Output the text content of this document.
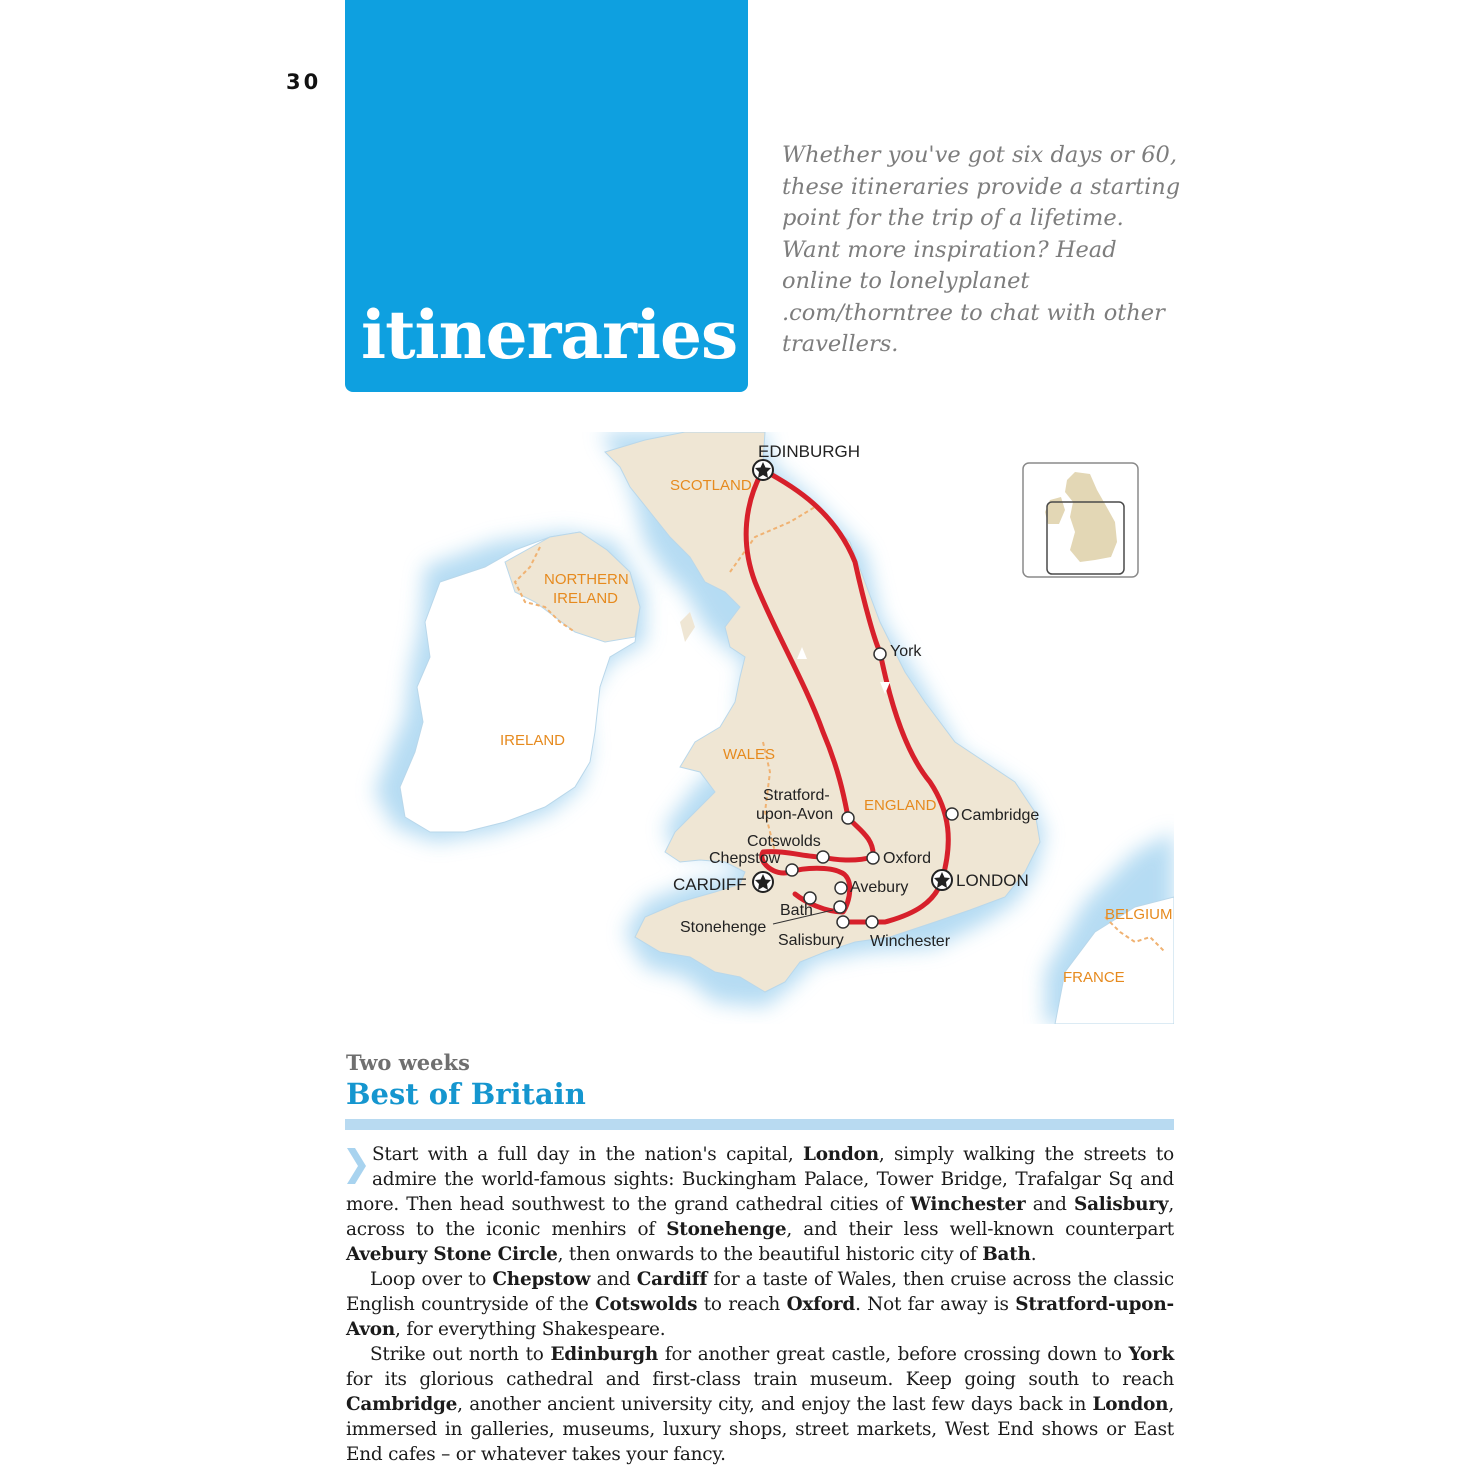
30
itineraries

Whether you've got six days or 60, these itineraries provide a starting point for the trip of a lifetime. Want more inspiration? Head online to lonelyplanet .com/thorntree to chat with other travellers.

SCOTLAND
NORTHERN
IRELAND
IRELAND
WALES
ENGLAND
BELGIUM
FRANCE
EDINBURGH
York
Stratford-
upon-Avon	Cambridge
Cotswolds
Chepstow	Oxford
CARDIFF	Avebury	LONDON
Bath
Stonehenge
Salisbury Winchester
Two weeks
Best of Britain

Start with a full day in the nation's capital, London, simply walking the streets to admire the world-famous sights: Buckingham Palace, Tower Bridge, Trafalgar Sq and more. Then head southwest to the grand cathedral cities of Winchester and Salisbury, across to the iconic menhirs of Stonehenge, and their less well-known counterpart Avebury Stone Circle, then onwards to the beautiful historic city of Bath.

Loop over to Chepstow and Cardiff for a taste of Wales, then cruise across the classic English countryside of the Cotswolds to reach Oxford. Not far away is Stratford-upon-Avon, for everything Shakespeare.

Strike out north to Edinburgh for another great castle, before crossing down to York for its glorious cathedral and first-class train museum. Keep going south to reach Cambridge, another ancient university city, and enjoy the last few days back in London, immersed in galleries, museums, luxury shops, street markets, West End shows or East End cafes – or whatever takes your fancy.
